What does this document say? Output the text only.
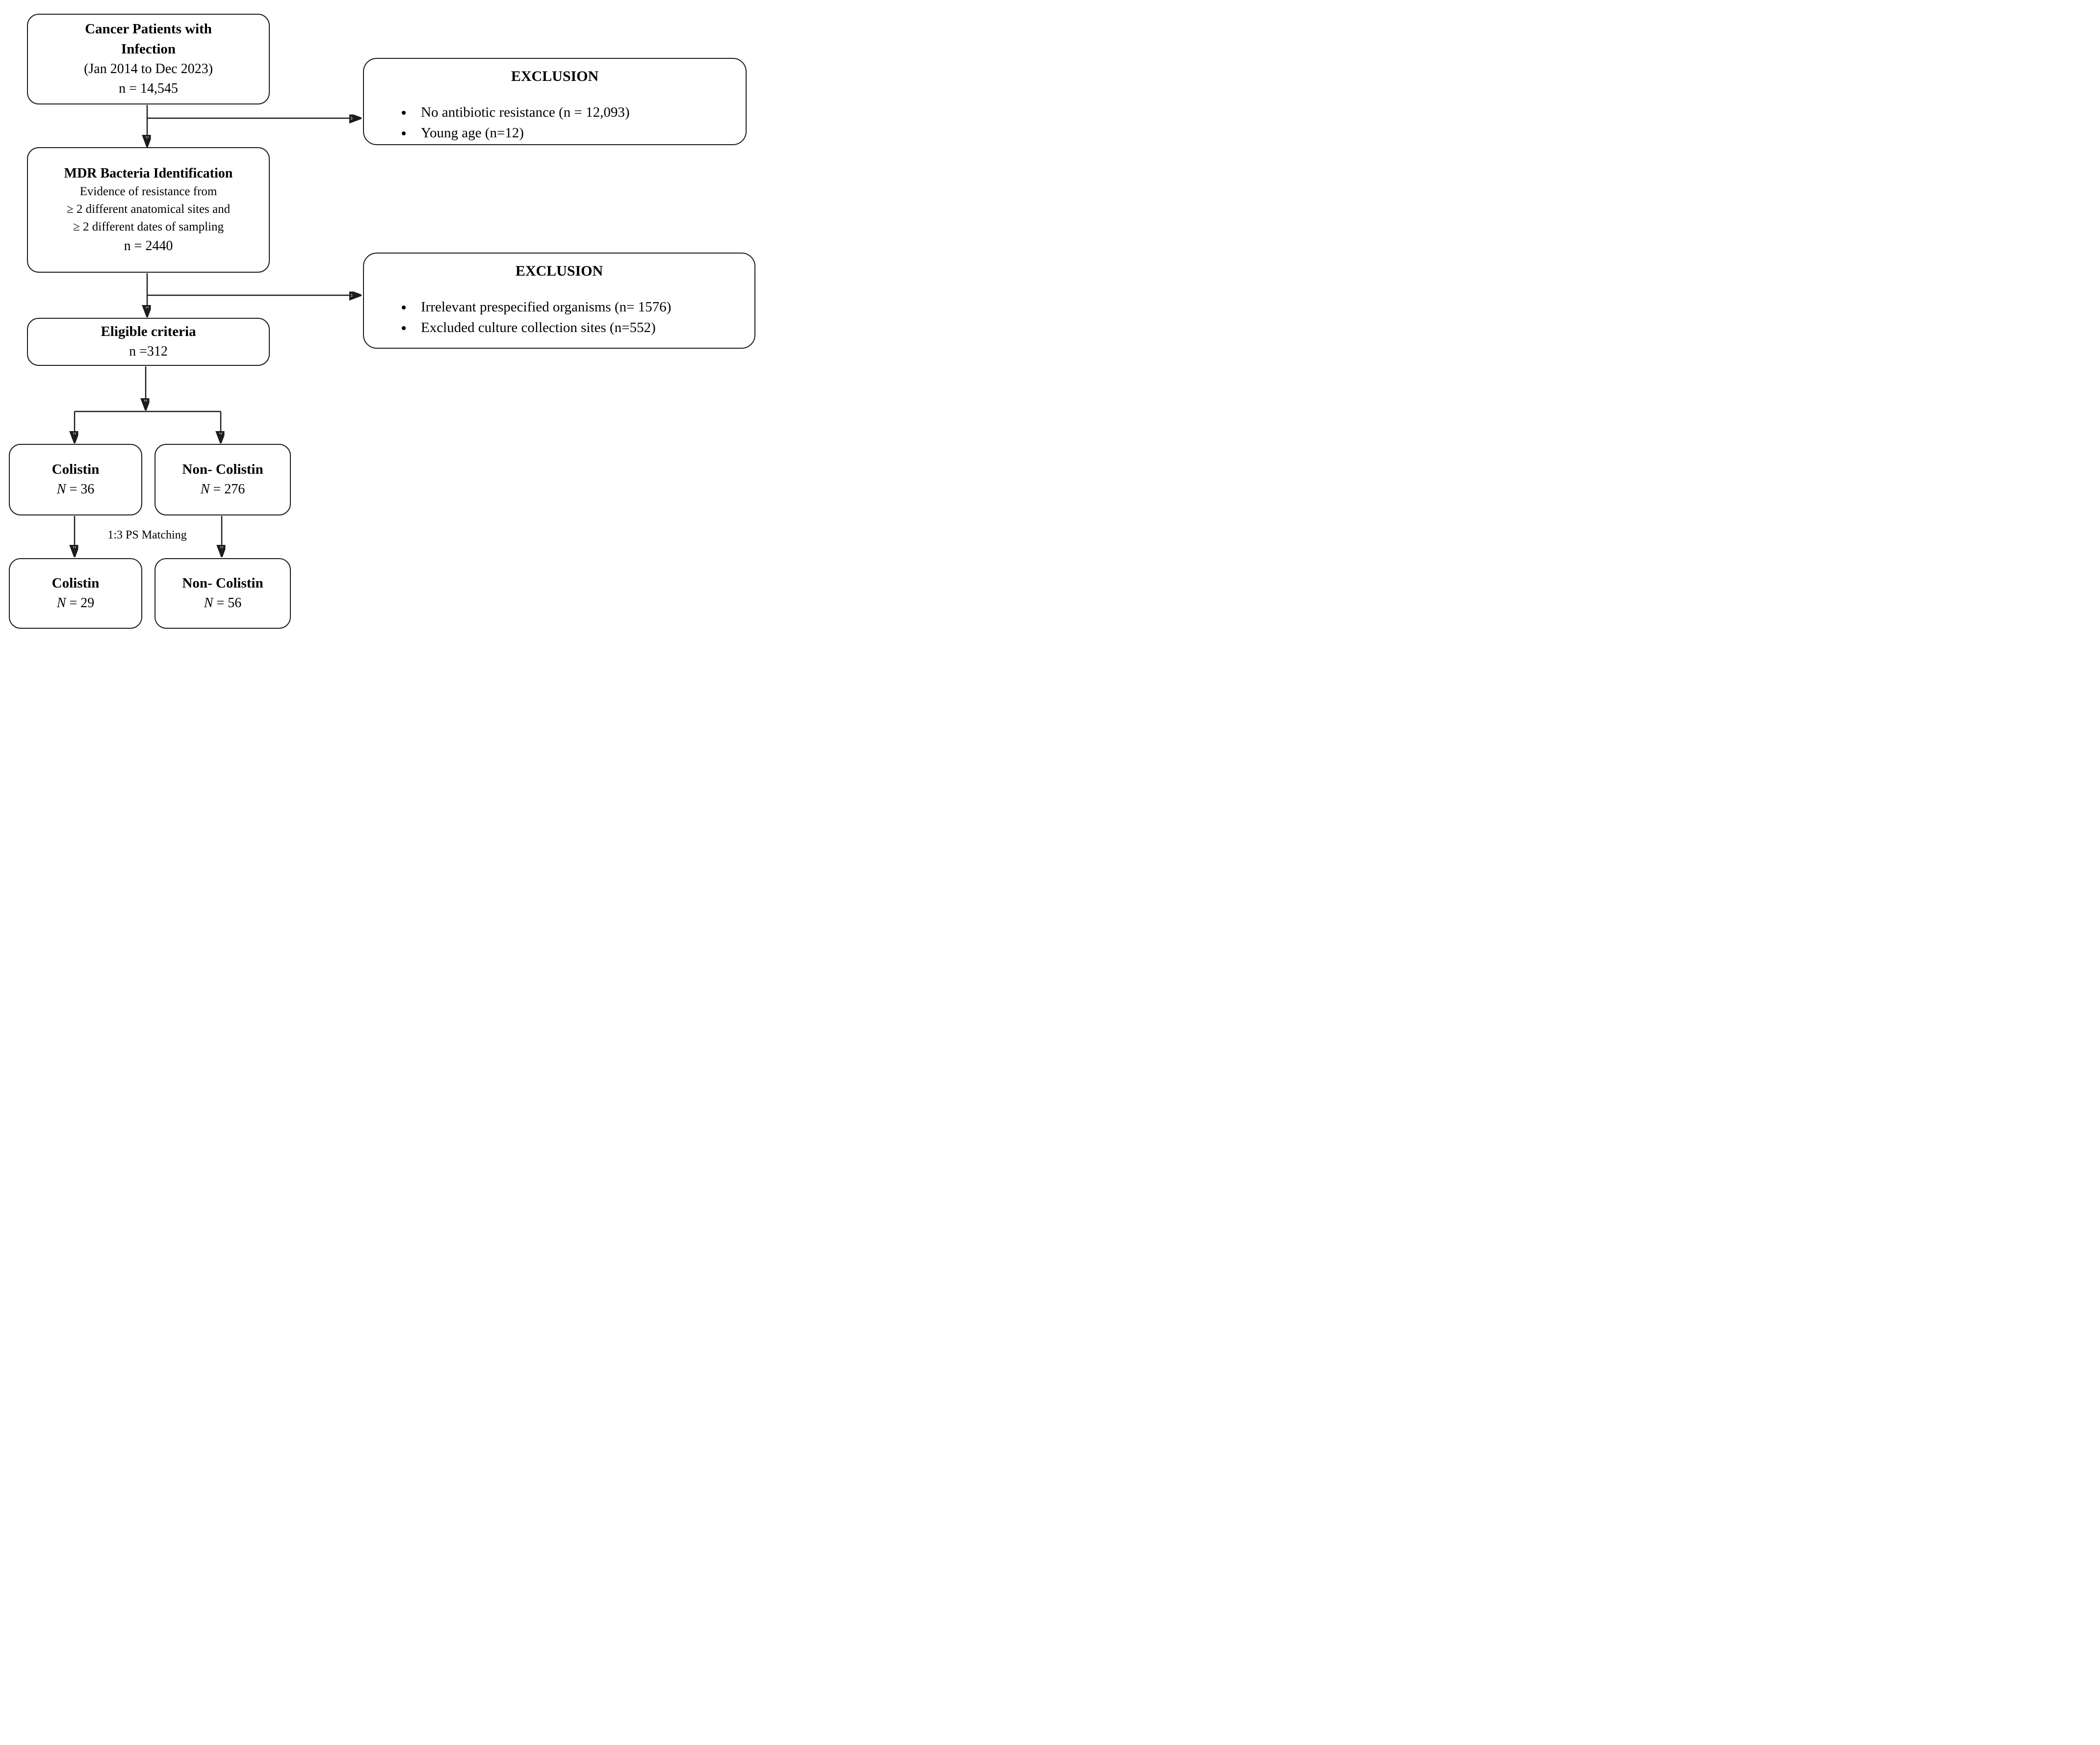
Cancer Patients with
Infection
(Jan 2014 to Dec 2023)
n = 14,545
EXCLUSION
• No antibiotic resistance (n = 12,093)
• Young age (n=12)
MDR Bacteria Identification
Evidence of resistance from
≥ 2 different anatomical sites and
≥ 2 different dates of sampling
n = 2440
EXCLUSION
• Irrelevant prespecified organisms (n= 1576)
• Excluded culture collection sites (n=552)
Eligible criteria
n =312
Colistin
N = 36
Non- Colistin
N = 276
1:3 PS Matching
Colistin
N = 29
Non- Colistin
N = 56
